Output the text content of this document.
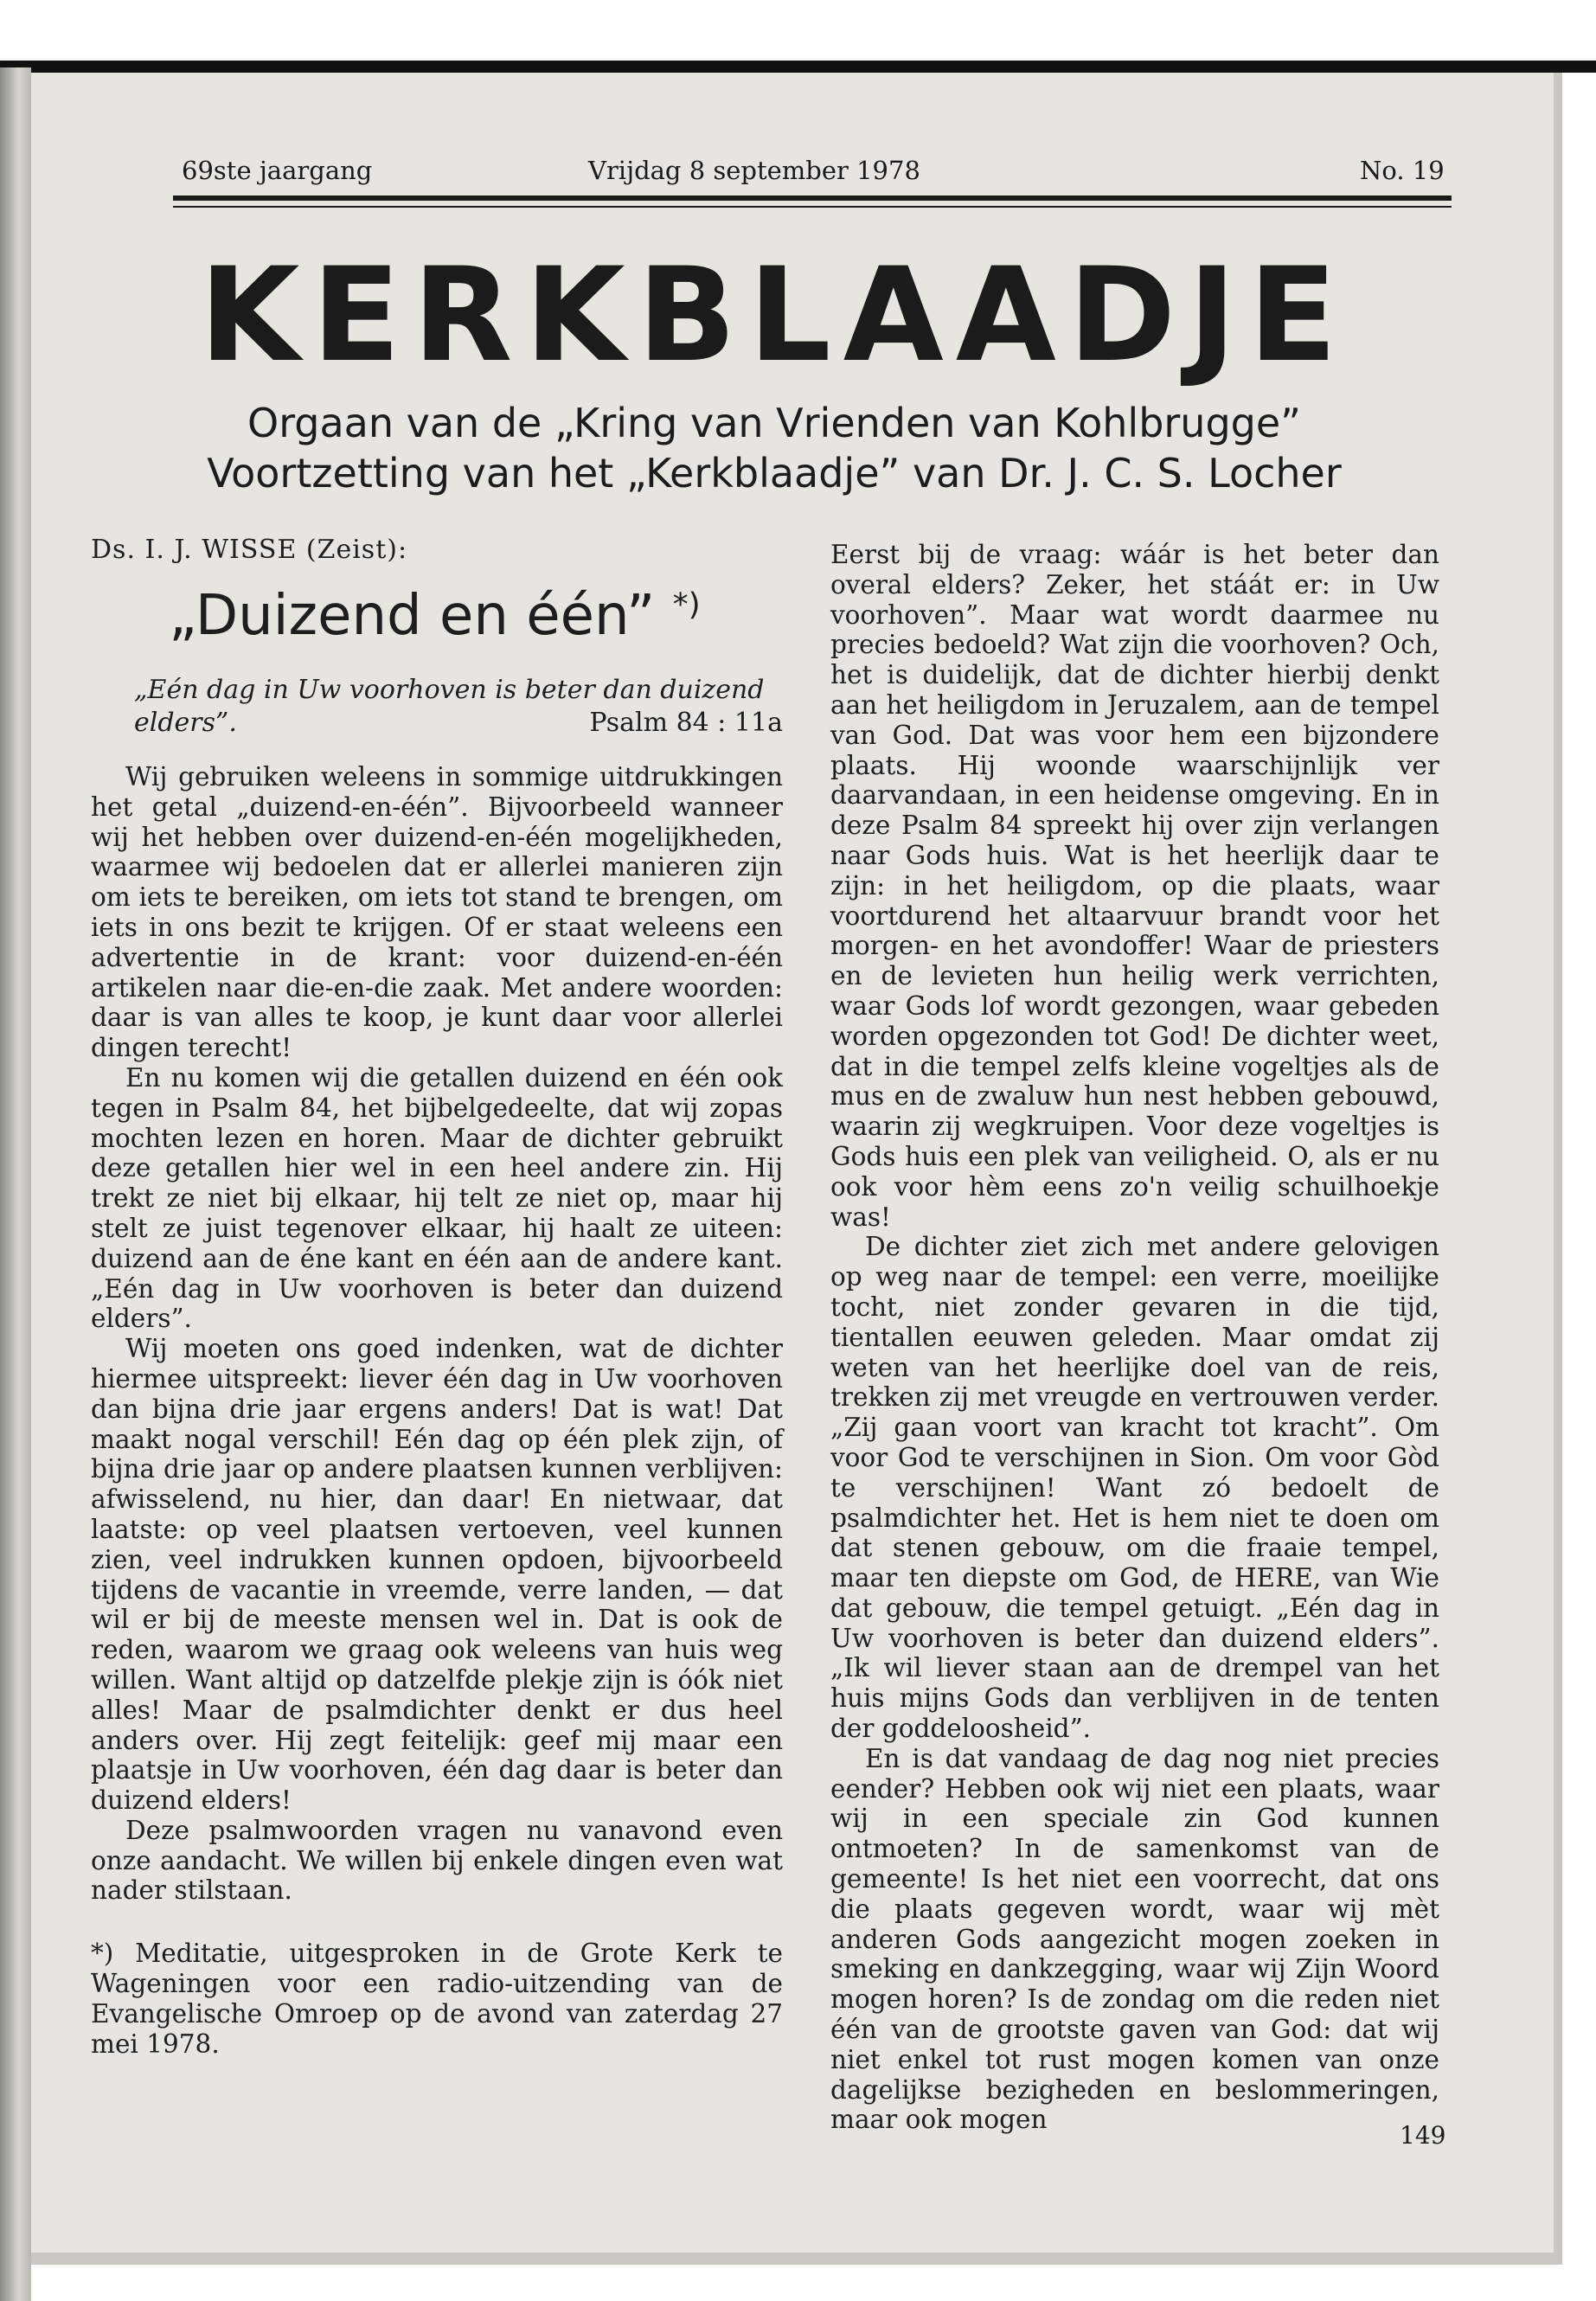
69ste jaargang	Vrijdag 8 september 1978	No. 19
KERKBLAADJE
Orgaan van de „Kring van Vrienden van Kohlbrugge”
Voortzetting van het „Kerkblaadje” van Dr. J. C. S. Locher
Ds. I. J. WISSE (Zeist):
„Duizend en één” *)
„Eén dag in Uw voorhoven is beter dan duizend elders”.	Psalm 84 : 11a

Wij gebruiken weleens in sommige uitdrukkingen het getal „duizend-en-één”. Bijvoorbeeld wanneer wij het hebben over duizend-en-één mogelijkheden, waarmee wij bedoelen dat er allerlei manieren zijn om iets te bereiken, om iets tot stand te brengen, om iets in ons bezit te krijgen. Of er staat weleens een advertentie in de krant: voor duizend-en-één artikelen naar die-en-die zaak. Met andere woorden: daar is van alles te koop, je kunt daar voor allerlei dingen terecht!

En nu komen wij die getallen duizend en één ook tegen in Psalm 84, het bijbelgedeelte, dat wij zopas mochten lezen en horen. Maar de dichter gebruikt deze getallen hier wel in een heel andere zin. Hij trekt ze niet bij elkaar, hij telt ze niet op, maar hij stelt ze juist tegenover elkaar, hij haalt ze uiteen: duizend aan de éne kant en één aan de andere kant. „Eén dag in Uw voorhoven is beter dan duizend elders”.

Wij moeten ons goed indenken, wat de dichter hiermee uitspreekt: liever één dag in Uw voorhoven dan bijna drie jaar ergens anders! Dat is wat! Dat maakt nogal verschil! Eén dag op één plek zijn, of bijna drie jaar op andere plaatsen kunnen verblijven: afwisselend, nu hier, dan daar! En nietwaar, dat laatste: op veel plaatsen vertoeven, veel kunnen zien, veel indrukken kunnen opdoen, bijvoorbeeld tijdens de vacantie in vreemde, verre landen, — dat wil er bij de meeste mensen wel in. Dat is ook de reden, waarom we graag ook weleens van huis weg willen. Want altijd op datzelfde plekje zijn is óók niet alles! Maar de psalmdichter denkt er dus heel anders over. Hij zegt feitelijk: geef mij maar een plaatsje in Uw voorhoven, één dag daar is beter dan duizend elders!

Deze psalmwoorden vragen nu vanavond even onze aandacht. We willen bij enkele dingen even wat nader stilstaan.

*) Meditatie, uitgesproken in de Grote Kerk te Wageningen voor een radio-uitzending van de Evangelische Omroep op de avond van zaterdag 27 mei 1978.

Eerst bij de vraag: wáár is het beter dan overal elders? Zeker, het stáát er: in Uw voorhoven”. Maar wat wordt daarmee nu precies bedoeld? Wat zijn die voorhoven? Och, het is duidelijk, dat de dichter hierbij denkt aan het heiligdom in Jeruzalem, aan de tempel van God. Dat was voor hem een bijzondere plaats. Hij woonde waarschijnlijk ver daarvandaan, in een heidense omgeving. En in deze Psalm 84 spreekt hij over zijn verlangen naar Gods huis. Wat is het heerlijk daar te zijn: in het heiligdom, op die plaats, waar voortdurend het altaarvuur brandt voor het morgen- en het avondoffer! Waar de priesters en de levieten hun heilig werk verrichten, waar Gods lof wordt gezongen, waar gebeden worden opgezonden tot God! De dichter weet, dat in die tempel zelfs kleine vogeltjes als de mus en de zwaluw hun nest hebben gebouwd, waarin zij wegkruipen. Voor deze vogeltjes is Gods huis een plek van veiligheid. O, als er nu ook voor hèm eens zo'n veilig schuilhoekje was!

De dichter ziet zich met andere gelovigen op weg naar de tempel: een verre, moeilijke tocht, niet zonder gevaren in die tijd, tientallen eeuwen geleden. Maar omdat zij weten van het heerlijke doel van de reis, trekken zij met vreugde en vertrouwen verder. „Zij gaan voort van kracht tot kracht”. Om voor God te verschijnen in Sion. Om voor Gòd te verschijnen! Want zó bedoelt de psalmdichter het. Het is hem niet te doen om dat stenen gebouw, om die fraaie tempel, maar ten diepste om God, de HERE, van Wie dat gebouw, die tempel getuigt. „Eén dag in Uw voorhoven is beter dan duizend elders”. „Ik wil liever staan aan de drempel van het huis mijns Gods dan verblijven in de tenten der goddeloosheid”.

En is dat vandaag de dag nog niet precies eender? Hebben ook wij niet een plaats, waar wij in een speciale zin God kunnen ontmoeten? In de samenkomst van de gemeente! Is het niet een voorrecht, dat ons die plaats gegeven wordt, waar wij mèt anderen Gods aangezicht mogen zoeken in smeking en dankzegging, waar wij Zijn Woord mogen horen? Is de zondag om die reden niet één van de grootste gaven van God: dat wij niet enkel tot rust mogen komen van onze dagelijkse bezigheden en beslommeringen, maar ook mogen

149
